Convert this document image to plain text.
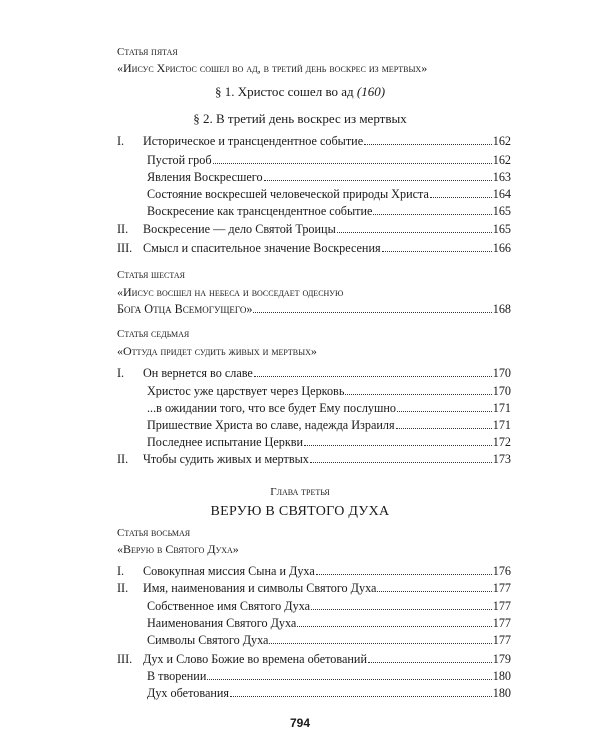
Статья пятая
«Иисус Христос сошел во ад, в третий день воскрес из мертвых»
§ 1. Христос сошел во ад (160)
§ 2. В третий день воскрес из мертвых
I.	Историческое и трансцендентное событие	162
Пустой гроб	162
Явления Воскресшего	163
Состояние воскресшей человеческой природы Христа	164
Воскресение как трансцендентное событие	165
II.	Воскресение — дело Святой Троицы	165
III. Смысл и спасительное значение Воскресения	166
Статья шестая
«Иисус восшел на небеса и восседает одесную
Бога Отца Всемогущего»	168
Статья седьмая
«Оттуда придет судить живых и мертвых»
I.	Он вернется во славе	170
Христос уже царствует через Церковь	170
...в ожидании того, что все будет Ему послушно	171
Пришествие Христа во славе, надежда Израиля	171
Последнее испытание Церкви	172
II.	Чтобы судить живых и мертвых	173
Глава третья
ВЕРУЮ В СВЯТОГО ДУХА
Статья восьмая
«Верую в Святого Духа»
I.	Совокупная миссия Сына и Духа	176
II.	Имя, наименования и символы Святого Духа	177
Собственное имя Святого Духа	177
Наименования Святого Духа	177
Символы Святого Духа	177
III. Дух и Слово Божие во времена обетований	179
В творении	180
Дух обетования	180
794
